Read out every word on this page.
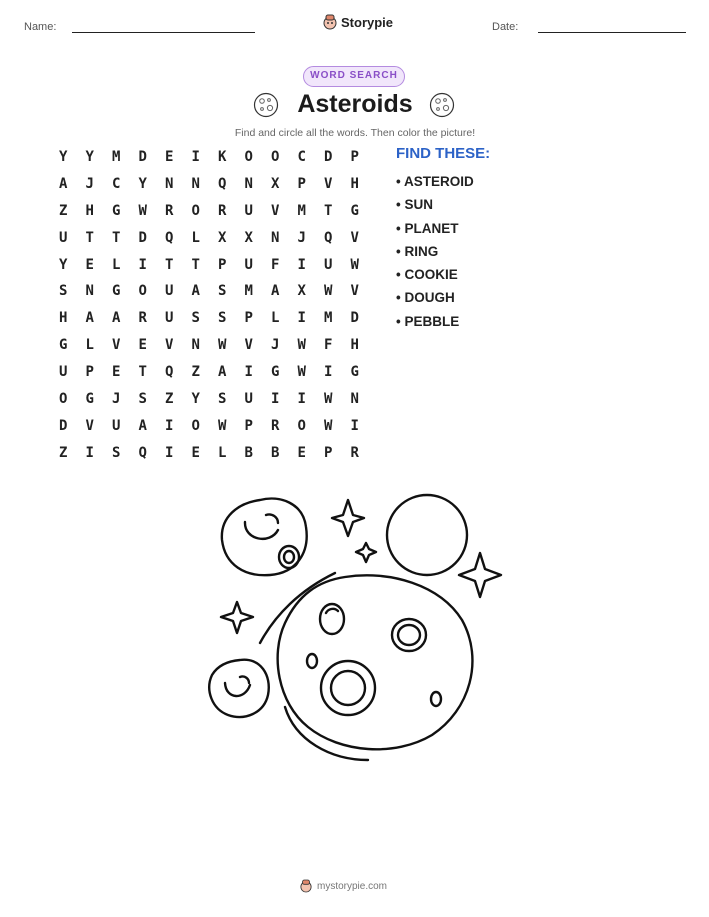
Name:	Storypie	Date:
WORD SEARCH
Asteroids
Find and circle all the words. Then color the picture!
Y	Y	M	D	E	I	K	O	O	C	D	P
A	J	C	Y	N	N	Q	N	X	P	V	H
Z	H	G	W	R	O	R	U	V	M	T	G
U	T	T	D	Q	L	X	X	N	J	Q	V
Y	E	L	I	T	T	P	U	F	I	U	W
S	N	G	O	U	A	S	M	A	X	W	V
H	A	A	R	U	S	S	P	L	I	M	D
G	L	V	E	V	N	W	V	J	W	F	H
U	P	E	T	Q	Z	A	I	G	W	I	G
O	G	J	S	Z	Y	S	U	I	I	W	N
D	V	U	A	I	O	W	P	R	O	W	I
Z	I	S	Q	I	E	L	B	B	E	P	R
FIND THESE:
• ASTEROID
• SUN
• PLANET
• RING
• COOKIE
• DOUGH
• PEBBLE
mystorypie.com
